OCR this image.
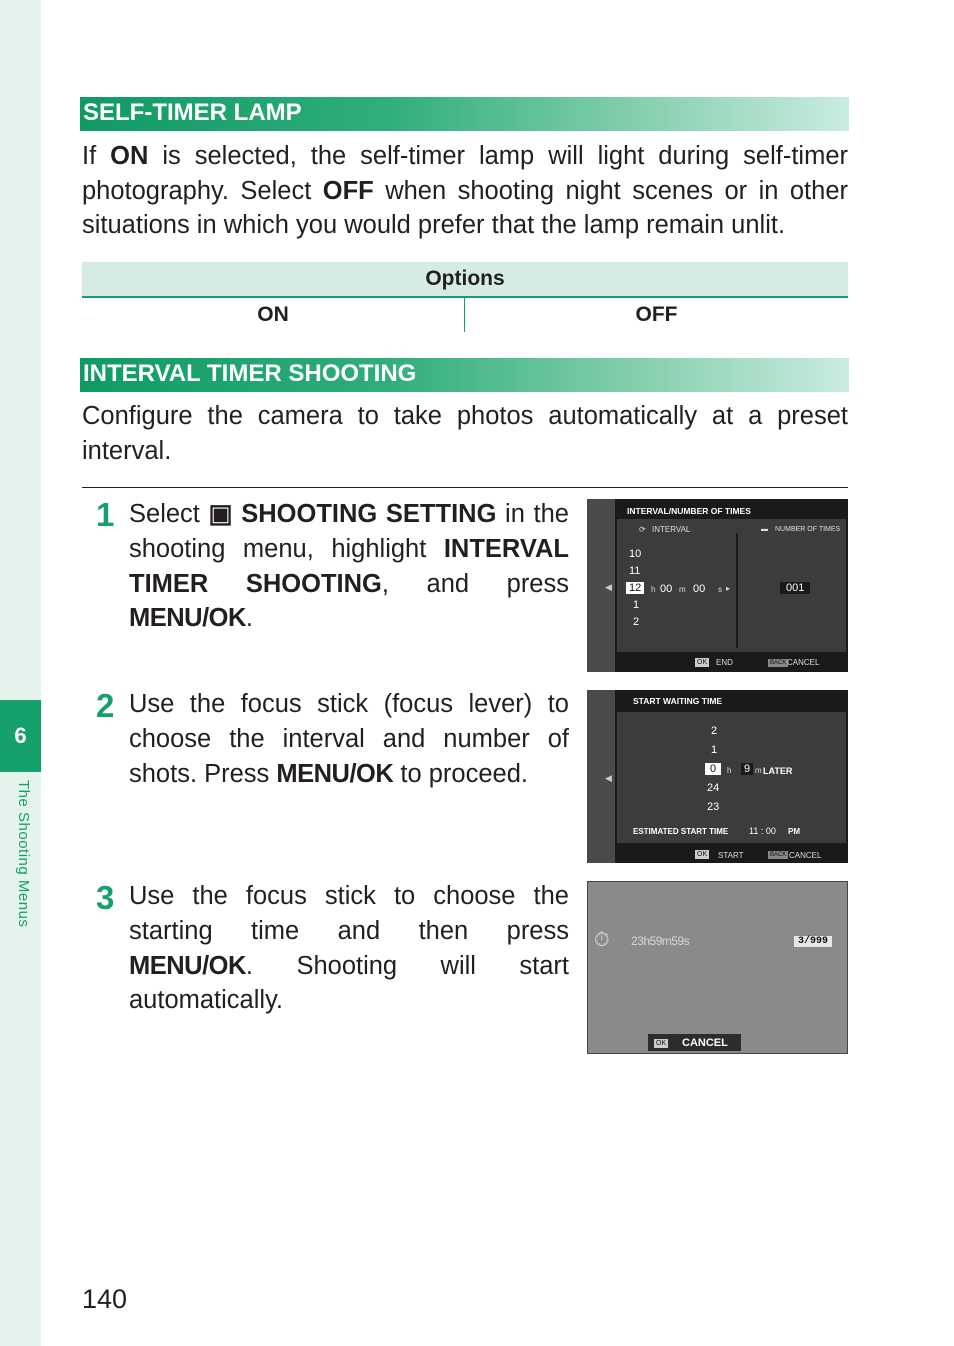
6
The Shooting Menus
SELF-TIMER LAMP
If ON is selected, the self-timer lamp will light during self-timer photography. Select OFF when shooting night scenes or in other situations in which you would prefer that the lamp remain unlit.
Options
ON	OFF
INTERVAL TIMER SHOOTING
Configure the camera to take photos automatically at a preset interval.
1 Select ▣ SHOOTING SETTING in the shooting menu, highlight INTERVAL TIMER SHOOTING, and press MENU/OK.
2 Use the focus stick (focus lever) to choose the interval and number of shots. Press MENU/OK to proceed.
3 Use the focus stick to choose the starting time and then press MENU/OK. Shooting will start automatically.
◀
INTERVAL/NUMBER OF TIMES
⟳ INTERVAL	▬ NUMBER OF TIMES
10
11
12
1
2
h 00 m 00 s ▸	001
OK END	BACK CANCEL
◀
START WAITING TIME
2
1
0
24
23
h 9 m LATER
ESTIMATED START TIME 11 : 00 PM
OK START	BACK CANCEL
⏱ 23h59m59s	3/999
OK CANCEL
140
